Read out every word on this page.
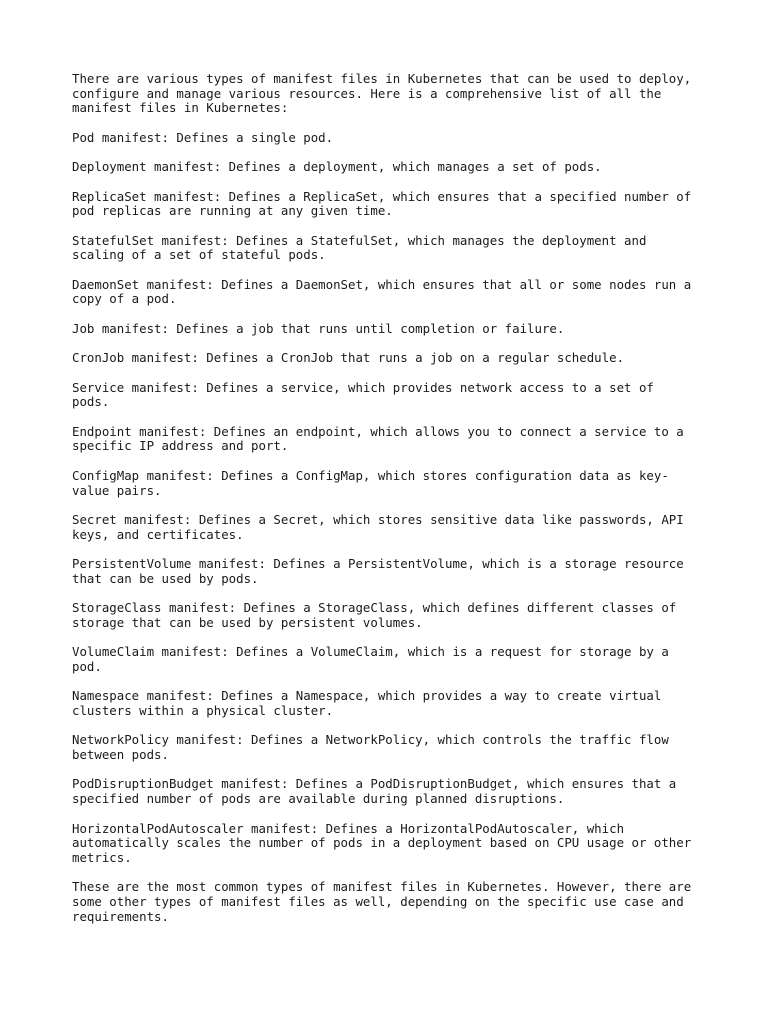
There are various types of manifest files in Kubernetes that can be used to deploy,
configure and manage various resources. Here is a comprehensive list of all the
manifest files in Kubernetes:

Pod manifest: Defines a single pod.

Deployment manifest: Defines a deployment, which manages a set of pods.

ReplicaSet manifest: Defines a ReplicaSet, which ensures that a specified number of
pod replicas are running at any given time.

StatefulSet manifest: Defines a StatefulSet, which manages the deployment and
scaling of a set of stateful pods.

DaemonSet manifest: Defines a DaemonSet, which ensures that all or some nodes run a
copy of a pod.

Job manifest: Defines a job that runs until completion or failure.

CronJob manifest: Defines a CronJob that runs a job on a regular schedule.

Service manifest: Defines a service, which provides network access to a set of
pods.

Endpoint manifest: Defines an endpoint, which allows you to connect a service to a
specific IP address and port.

ConfigMap manifest: Defines a ConfigMap, which stores configuration data as key-
value pairs.

Secret manifest: Defines a Secret, which stores sensitive data like passwords, API
keys, and certificates.

PersistentVolume manifest: Defines a PersistentVolume, which is a storage resource
that can be used by pods.

StorageClass manifest: Defines a StorageClass, which defines different classes of
storage that can be used by persistent volumes.

VolumeClaim manifest: Defines a VolumeClaim, which is a request for storage by a
pod.

Namespace manifest: Defines a Namespace, which provides a way to create virtual
clusters within a physical cluster.

NetworkPolicy manifest: Defines a NetworkPolicy, which controls the traffic flow
between pods.

PodDisruptionBudget manifest: Defines a PodDisruptionBudget, which ensures that a
specified number of pods are available during planned disruptions.

HorizontalPodAutoscaler manifest: Defines a HorizontalPodAutoscaler, which
automatically scales the number of pods in a deployment based on CPU usage or other
metrics.

These are the most common types of manifest files in Kubernetes. However, there are
some other types of manifest files as well, depending on the specific use case and
requirements.
